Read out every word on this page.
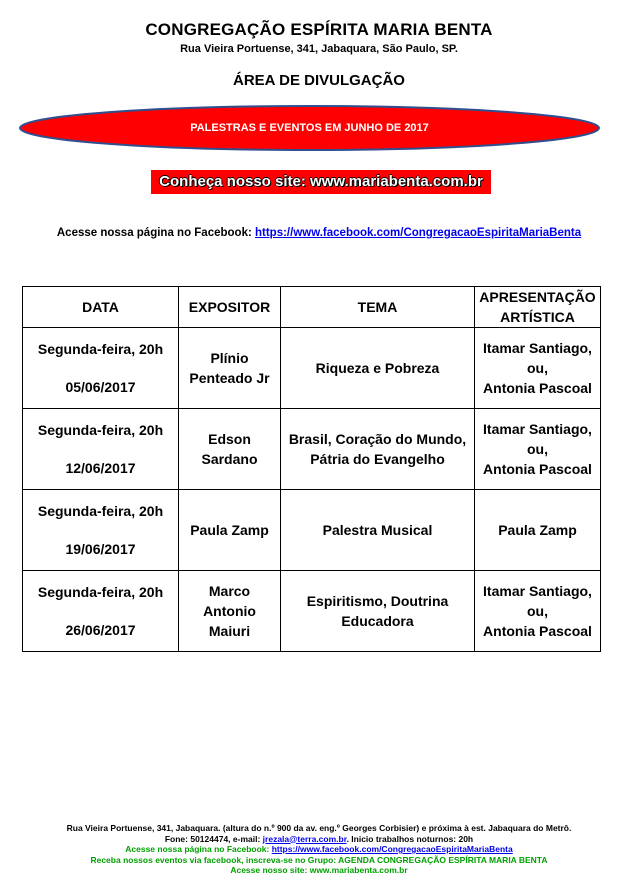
CONGREGAÇÃO ESPÍRITA MARIA BENTA
Rua Vieira Portuense, 341, Jabaquara, São Paulo, SP.
ÁREA DE DIVULGAÇÃO
PALESTRAS E EVENTOS EM JUNHO DE 2017
Conheça nosso site: www.mariabenta.com.br
Acesse nossa página no Facebook: https://www.facebook.com/CongregacaoEspiritaMariaBenta
DATA	EXPOSITOR	TEMA	APRESENTAÇÃO ARTÍSTICA

Segunda-feira, 20h
05/06/2017	Plínio Penteado Jr	Riqueza e Pobreza	Itamar Santiago,
ou,
Antonia Pascoal

Segunda-feira, 20h
12/06/2017	Edson Sardano	Brasil, Coração do Mundo, Pátria do Evangelho	Itamar Santiago,
ou,
Antonia Pascoal

Segunda-feira, 20h
19/06/2017	Paula Zamp	Palestra Musical	Paula Zamp

Segunda-feira, 20h
26/06/2017	Marco Antonio Maiuri	Espiritismo, Doutrina Educadora	Itamar Santiago,
ou,
Antonia Pascoal
Rua Vieira Portuense, 341, Jabaquara. (altura do n.º 900 da av. eng.º Georges Corbisier) e próxima à est. Jabaquara do Metrô.
Fone: 50124474, e-mail: jrezala@terra.com.br. Inicio trabalhos noturnos: 20h
Acesse nossa página no Facebook: https://www.facebook.com/CongregacaoEspiritaMariaBenta
Receba nossos eventos via facebook, inscreva-se no Grupo: AGENDA CONGREGAÇÃO ESPÍRITA MARIA BENTA
Acesse nosso site: www.mariabenta.com.br
